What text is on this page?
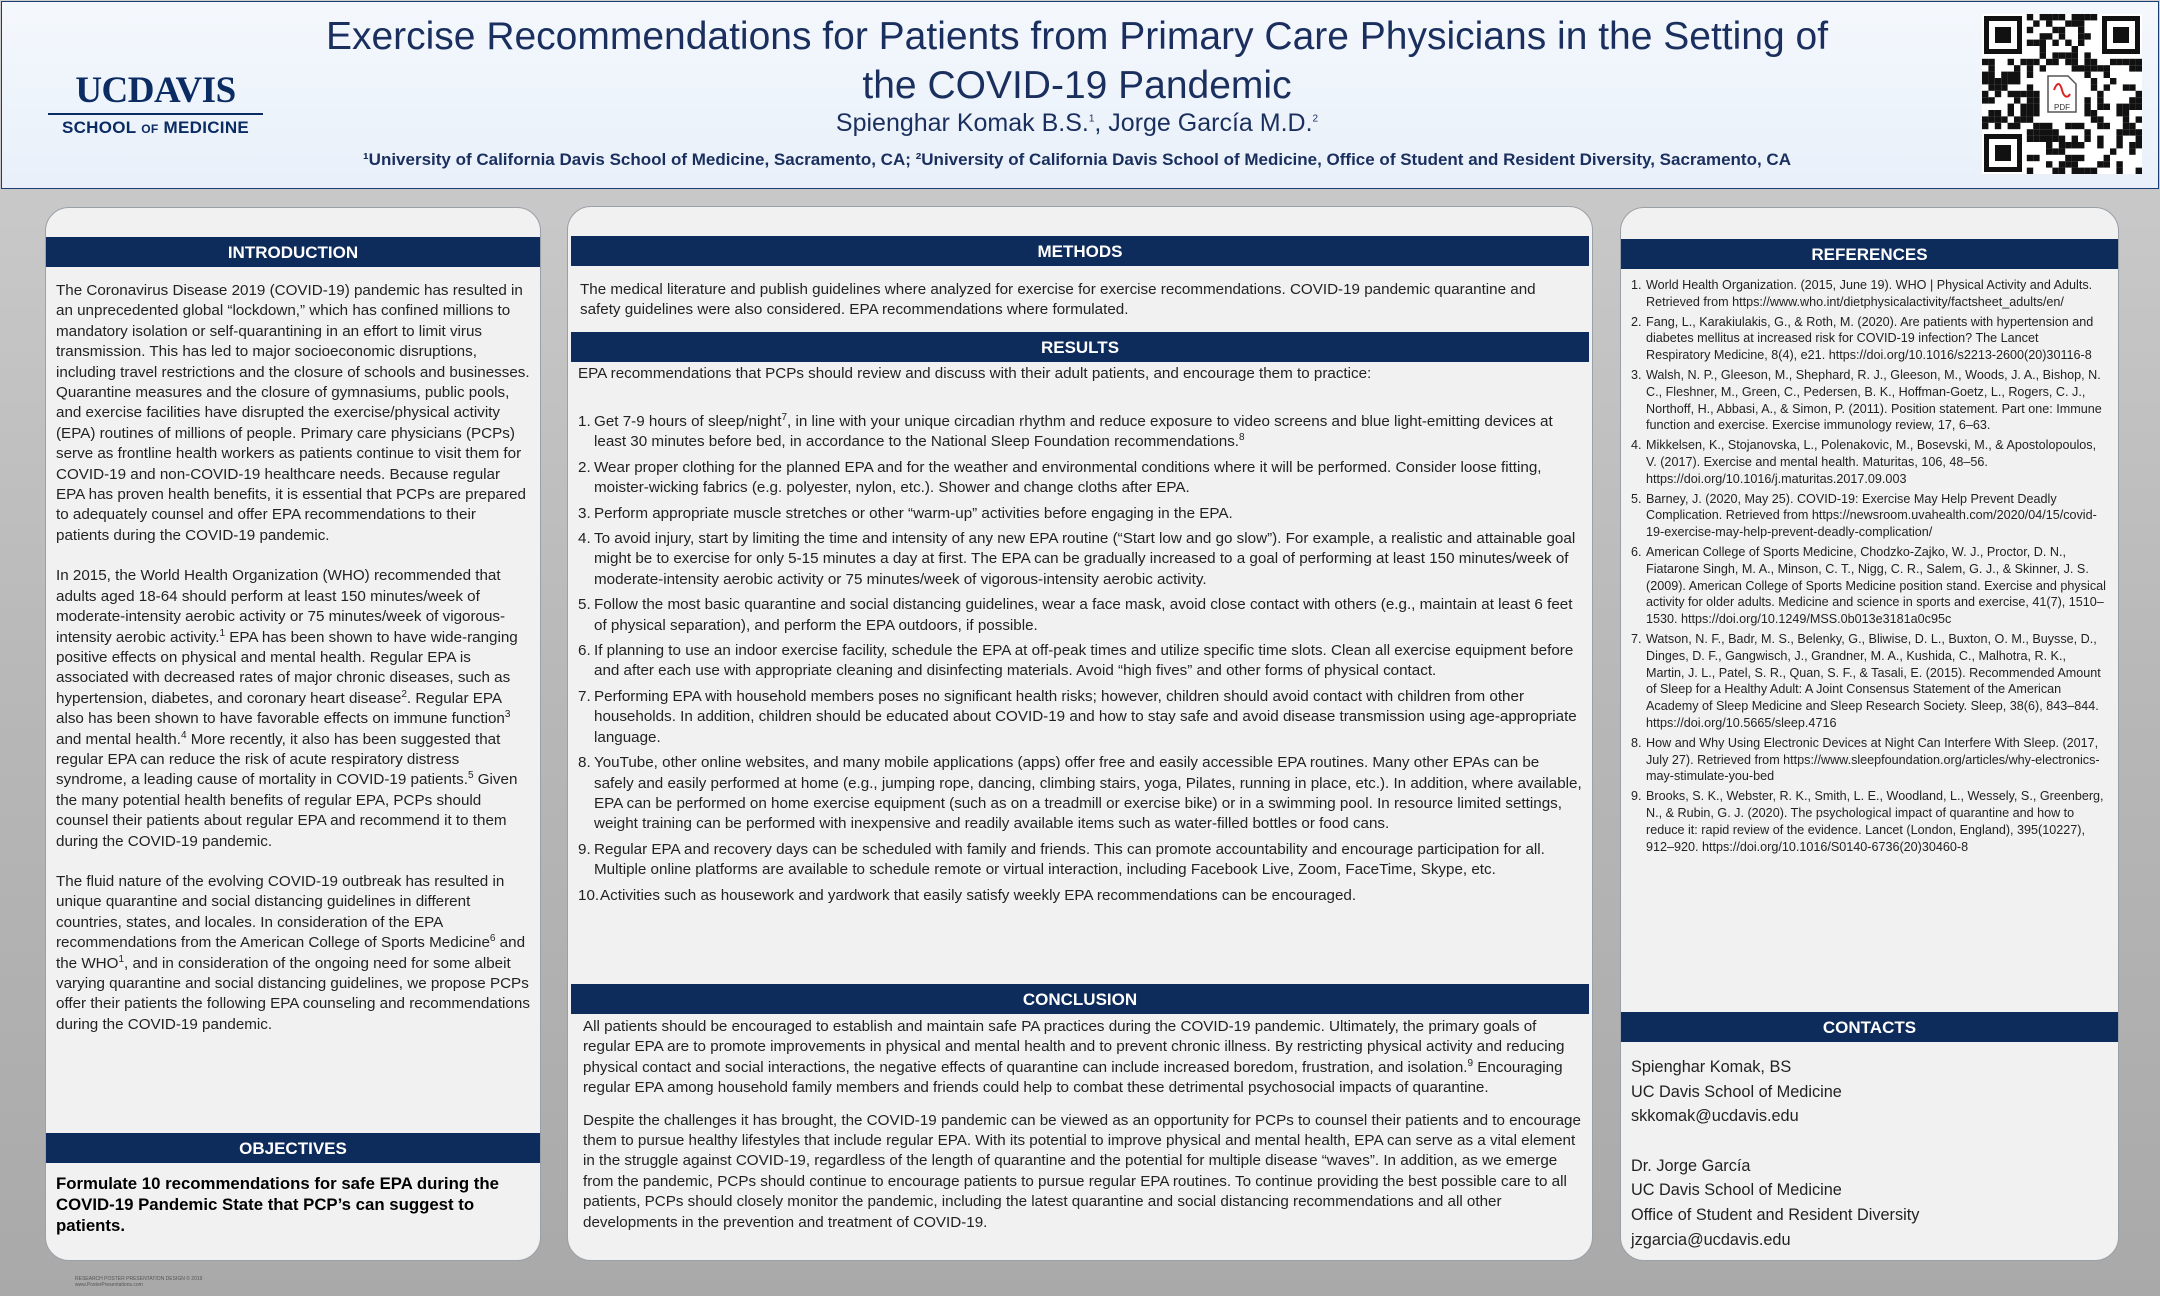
UCDAVIS
SCHOOL OF MEDICINE
Exercise Recommendations for Patients from Primary Care Physicians in the Setting of
the COVID-19 Pandemic
Spienghar Komak B.S.$^1$, Jorge García M.D.$^2$
¹University of California Davis School of Medicine, Sacramento, CA; ²University of California Davis School of Medicine, Office of Student and Resident Diversity, Sacramento, CA
PDF
INTRODUCTION

The Coronavirus Disease 2019 (COVID-19) pandemic has resulted in an unprecedented global “lockdown,” which has confined millions to mandatory isolation or self-quarantining in an effort to limit virus transmission. This has led to major socioeconomic disruptions, including travel restrictions and the closure of schools and businesses. Quarantine measures and the closure of gymnasiums, public pools, and exercise facilities have disrupted the exercise/physical activity (EPA) routines of millions of people. Primary care physicians (PCPs) serve as frontline health workers as patients continue to visit them for COVID-19 and non-COVID-19 healthcare needs. Because regular EPA has proven health benefits, it is essential that PCPs are prepared to adequately counsel and offer EPA recommendations to their patients during the COVID-19 pandemic.

In 2015, the World Health Organization (WHO) recommended that adults aged 18-64 should perform at least 150 minutes/week of moderate-intensity aerobic activity or 75 minutes/week of vigorous-intensity aerobic activity.$^1$ EPA has been shown to have wide-ranging positive effects on physical and mental health. Regular EPA is associated with decreased rates of major chronic diseases, such as hypertension, diabetes, and coronary heart disease$^2$. Regular EPA also has been shown to have favorable effects on immune function$^3$ and mental health.$^4$ More recently, it also has been suggested that regular EPA can reduce the risk of acute respiratory distress syndrome, a leading cause of mortality in COVID-19 patients.$^5$ Given the many potential health benefits of regular EPA, PCPs should counsel their patients about regular EPA and recommend it to them during the COVID-19 pandemic.

The fluid nature of the evolving COVID-19 outbreak has resulted in unique quarantine and social distancing guidelines in different countries, states, and locales. In consideration of the EPA recommendations from the American College of Sports Medicine$^6$ and the WHO$^1$, and in consideration of the ongoing need for some albeit varying quarantine and social distancing guidelines, we propose PCPs offer their patients the following EPA counseling and recommendations during the COVID-19 pandemic.

OBJECTIVES
Formulate 10 recommendations for safe EPA during the COVID-19 Pandemic State that PCP’s can suggest to patients.
METHODS
The medical literature and publish guidelines where analyzed for exercise for exercise recommendations. COVID-19 pandemic quarantine and safety guidelines were also considered. EPA recommendations where formulated.
RESULTS
EPA recommendations that PCPs should review and discuss with their adult patients, and encourage them to practice:
1. Get 7-9 hours of sleep/night$^7$, in line with your unique circadian rhythm and reduce exposure to video screens and blue light-emitting devices at least 30 minutes before bed, in accordance to the National Sleep Foundation recommendations.$^8$
2. Wear proper clothing for the planned EPA and for the weather and environmental conditions where it will be performed. Consider loose fitting, moister-wicking fabrics (e.g. polyester, nylon, etc.). Shower and change cloths after EPA.
3. Perform appropriate muscle stretches or other “warm-up” activities before engaging in the EPA.
4. To avoid injury, start by limiting the time and intensity of any new EPA routine (“Start low and go slow”). For example, a realistic and attainable goal might be to exercise for only 5-15 minutes a day at first. The EPA can be gradually increased to a goal of performing at least 150 minutes/week of moderate-intensity aerobic activity or 75 minutes/week of vigorous-intensity aerobic activity.
5. Follow the most basic quarantine and social distancing guidelines, wear a face mask, avoid close contact with others (e.g., maintain at least 6 feet of physical separation), and perform the EPA outdoors, if possible.
6. If planning to use an indoor exercise facility, schedule the EPA at off-peak times and utilize specific time slots. Clean all exercise equipment before and after each use with appropriate cleaning and disinfecting materials. Avoid “high fives” and other forms of physical contact.
7. Performing EPA with household members poses no significant health risks; however, children should avoid contact with children from other households. In addition, children should be educated about COVID-19 and how to stay safe and avoid disease transmission using age-appropriate language.
8. YouTube, other online websites, and many mobile applications (apps) offer free and easily accessible EPA routines. Many other EPAs can be safely and easily performed at home (e.g., jumping rope, dancing, climbing stairs, yoga, Pilates, running in place, etc.). In addition, where available, EPA can be performed on home exercise equipment (such as on a treadmill or exercise bike) or in a swimming pool. In resource limited settings, weight training can be performed with inexpensive and readily available items such as water-filled bottles or food cans.
9. Regular EPA and recovery days can be scheduled with family and friends. This can promote accountability and encourage participation for all. Multiple online platforms are available to schedule remote or virtual interaction, including Facebook Live, Zoom, FaceTime, Skype, etc.
10. Activities such as housework and yardwork that easily satisfy weekly EPA recommendations can be encouraged.
CONCLUSION

All patients should be encouraged to establish and maintain safe PA practices during the COVID-19 pandemic. Ultimately, the primary goals of regular EPA are to promote improvements in physical and mental health and to prevent chronic illness. By restricting physical activity and reducing physical contact and social interactions, the negative effects of quarantine can include increased boredom, frustration, and isolation.$^9$ Encouraging regular EPA among household family members and friends could help to combat these detrimental psychosocial impacts of quarantine.

Despite the challenges it has brought, the COVID-19 pandemic can be viewed as an opportunity for PCPs to counsel their patients and to encourage them to pursue healthy lifestyles that include regular EPA. With its potential to improve physical and mental health, EPA can serve as a vital element in the struggle against COVID-19, regardless of the length of quarantine and the potential for multiple disease “waves”. In addition, as we emerge from the pandemic, PCPs should continue to encourage patients to pursue regular EPA routines. To continue providing the best possible care to all patients, PCPs should closely monitor the pandemic, including the latest quarantine and social distancing recommendations and all other developments in the prevention and treatment of COVID-19.

REFERENCES
1. World Health Organization. (2015, June 19). WHO | Physical Activity and Adults. Retrieved from https://www.who.int/dietphysicalactivity/factsheet_adults/en/
2. Fang, L., Karakiulakis, G., & Roth, M. (2020). Are patients with hypertension and diabetes mellitus at increased risk for COVID-19 infection? The Lancet Respiratory Medicine, 8(4), e21. https://doi.org/10.1016/s2213-2600(20)30116-8
3. Walsh, N. P., Gleeson, M., Shephard, R. J., Gleeson, M., Woods, J. A., Bishop, N. C., Fleshner, M., Green, C., Pedersen, B. K., Hoffman-Goetz, L., Rogers, C. J., Northoff, H., Abbasi, A., & Simon, P. (2011). Position statement. Part one: Immune function and exercise. Exercise immunology review, 17, 6–63.
4. Mikkelsen, K., Stojanovska, L., Polenakovic, M., Bosevski, M., & Apostolopoulos, V. (2017). Exercise and mental health. Maturitas, 106, 48–56. https://doi.org/10.1016/j.maturitas.2017.09.003
5. Barney, J. (2020, May 25). COVID-19: Exercise May Help Prevent Deadly Complication. Retrieved from https://newsroom.uvahealth.com/2020/04/15/covid-19-exercise-may-help-prevent-deadly-complication/
6. American College of Sports Medicine, Chodzko-Zajko, W. J., Proctor, D. N., Fiatarone Singh, M. A., Minson, C. T., Nigg, C. R., Salem, G. J., & Skinner, J. S. (2009). American College of Sports Medicine position stand. Exercise and physical activity for older adults. Medicine and science in sports and exercise, 41(7), 1510–1530. https://doi.org/10.1249/MSS.0b013e3181a0c95c
7. Watson, N. F., Badr, M. S., Belenky, G., Bliwise, D. L., Buxton, O. M., Buysse, D., Dinges, D. F., Gangwisch, J., Grandner, M. A., Kushida, C., Malhotra, R. K., Martin, J. L., Patel, S. R., Quan, S. F., & Tasali, E. (2015). Recommended Amount of Sleep for a Healthy Adult: A Joint Consensus Statement of the American Academy of Sleep Medicine and Sleep Research Society. Sleep, 38(6), 843–844. https://doi.org/10.5665/sleep.4716
8. How and Why Using Electronic Devices at Night Can Interfere With Sleep. (2017, July 27). Retrieved from https://www.sleepfoundation.org/articles/why-electronics-may-stimulate-you-bed
9. Brooks, S. K., Webster, R. K., Smith, L. E., Woodland, L., Wessely, S., Greenberg, N., & Rubin, G. J. (2020). The psychological impact of quarantine and how to reduce it: rapid review of the evidence. Lancet (London, England), 395(10227), 912–920. https://doi.org/10.1016/S0140-6736(20)30460-8
CONTACTS
Spienghar Komak, BS
UC Davis School of Medicine
skkomak@ucdavis.edu
Dr. Jorge García
UC Davis School of Medicine
Office of Student and Resident Diversity
jzgarcia@ucdavis.edu
RESEARCH POSTER PRESENTATION DESIGN © 2019
www.PosterPresentations.com
